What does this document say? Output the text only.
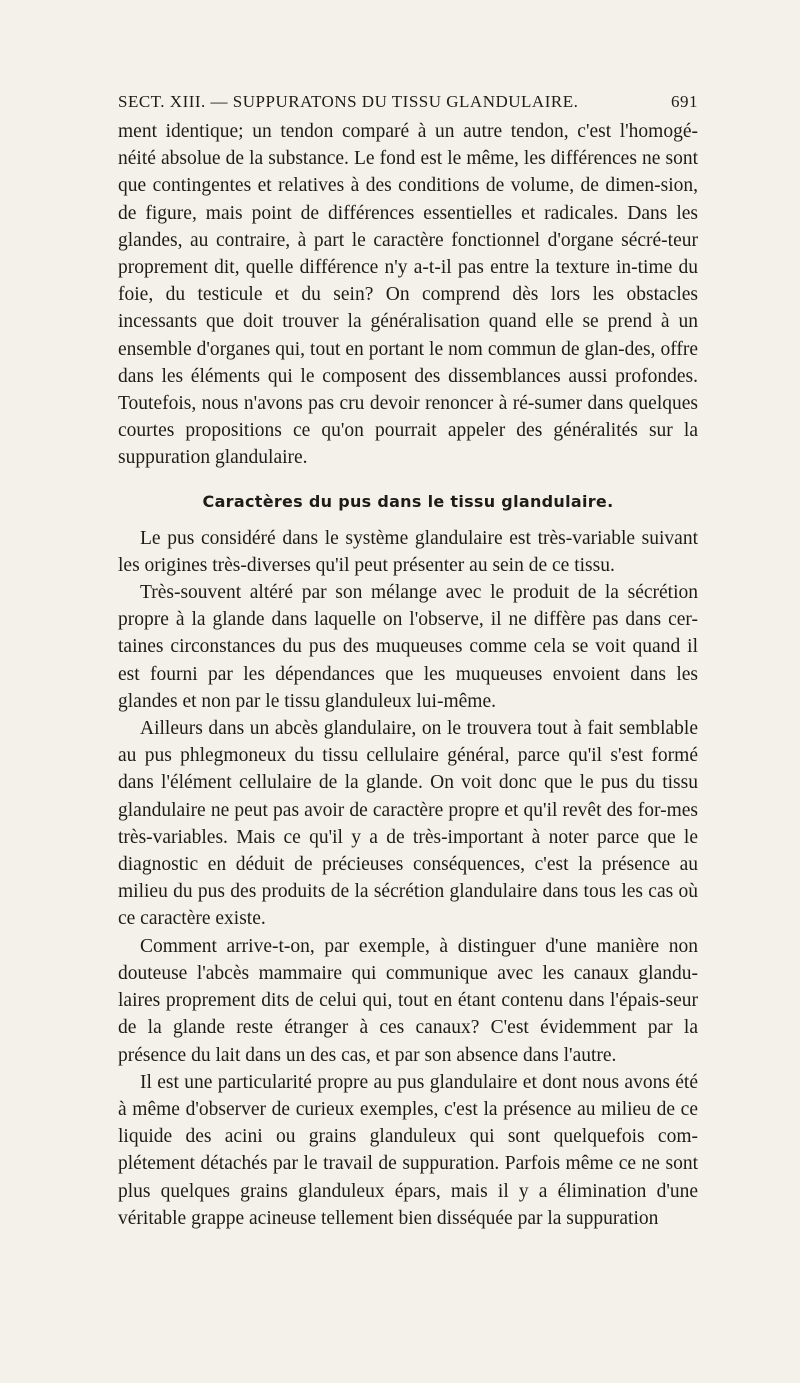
SECT. XIII. — SUPPURATONS DU TISSU GLANDULAIRE.	691

ment identique; un tendon comparé à un autre tendon, c'est l'homogé-néité absolue de la substance. Le fond est le même, les différences ne sont que contingentes et relatives à des conditions de volume, de dimen-sion, de figure, mais point de différences essentielles et radicales. Dans les glandes, au contraire, à part le caractère fonctionnel d'organe sécré-teur proprement dit, quelle différence n'y a-t-il pas entre la texture in-time du foie, du testicule et du sein? On comprend dès lors les obstacles incessants que doit trouver la généralisation quand elle se prend à un ensemble d'organes qui, tout en portant le nom commun de glan-des, offre dans les éléments qui le composent des dissemblances aussi profondes. Toutefois, nous n'avons pas cru devoir renoncer à ré-sumer dans quelques courtes propositions ce qu'on pourrait appeler des généralités sur la suppuration glandulaire.

Caractères du pus dans le tissu glandulaire.

Le pus considéré dans le système glandulaire est très-variable suivant les origines très-diverses qu'il peut présenter au sein de ce tissu.

Très-souvent altéré par son mélange avec le produit de la sécrétion propre à la glande dans laquelle on l'observe, il ne diffère pas dans cer-taines circonstances du pus des muqueuses comme cela se voit quand il est fourni par les dépendances que les muqueuses envoient dans les glandes et non par le tissu glanduleux lui-même.

Ailleurs dans un abcès glandulaire, on le trouvera tout à fait semblable au pus phlegmoneux du tissu cellulaire général, parce qu'il s'est formé dans l'élément cellulaire de la glande. On voit donc que le pus du tissu glandulaire ne peut pas avoir de caractère propre et qu'il revêt des for-mes très-variables. Mais ce qu'il y a de très-important à noter parce que le diagnostic en déduit de précieuses conséquences, c'est la présence au milieu du pus des produits de la sécrétion glandulaire dans tous les cas où ce caractère existe.

Comment arrive-t-on, par exemple, à distinguer d'une manière non douteuse l'abcès mammaire qui communique avec les canaux glandu-laires proprement dits de celui qui, tout en étant contenu dans l'épais-seur de la glande reste étranger à ces canaux? C'est évidemment par la présence du lait dans un des cas, et par son absence dans l'autre.

Il est une particularité propre au pus glandulaire et dont nous avons été à même d'observer de curieux exemples, c'est la présence au milieu de ce liquide des acini ou grains glanduleux qui sont quelquefois com-plétement détachés par le travail de suppuration. Parfois même ce ne sont plus quelques grains glanduleux épars, mais il y a élimination d'une véritable grappe acineuse tellement bien disséquée par la suppuration
